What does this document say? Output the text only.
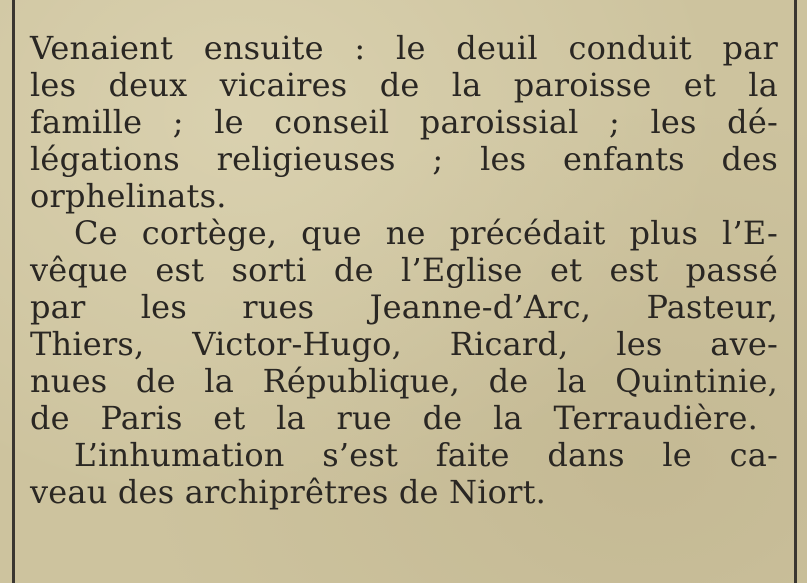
Venaient ensuite : le deuil conduit par
les deux vicaires de la paroisse et la
famille ; le conseil paroissial ; les dé-
légations religieuses ; les enfants des
orphelinats.
Ce cortège, que ne précédait plus l’E-
vêque est sorti de l’Eglise et est passé
par les rues Jeanne-d’Arc, Pasteur,
Thiers, Victor-Hugo, Ricard, les ave-
nues de la République, de la Quintinie,
de Paris et la rue de la Terraudière.
L’inhumation s’est faite dans le ca-
veau des archiprêtres de Niort.
